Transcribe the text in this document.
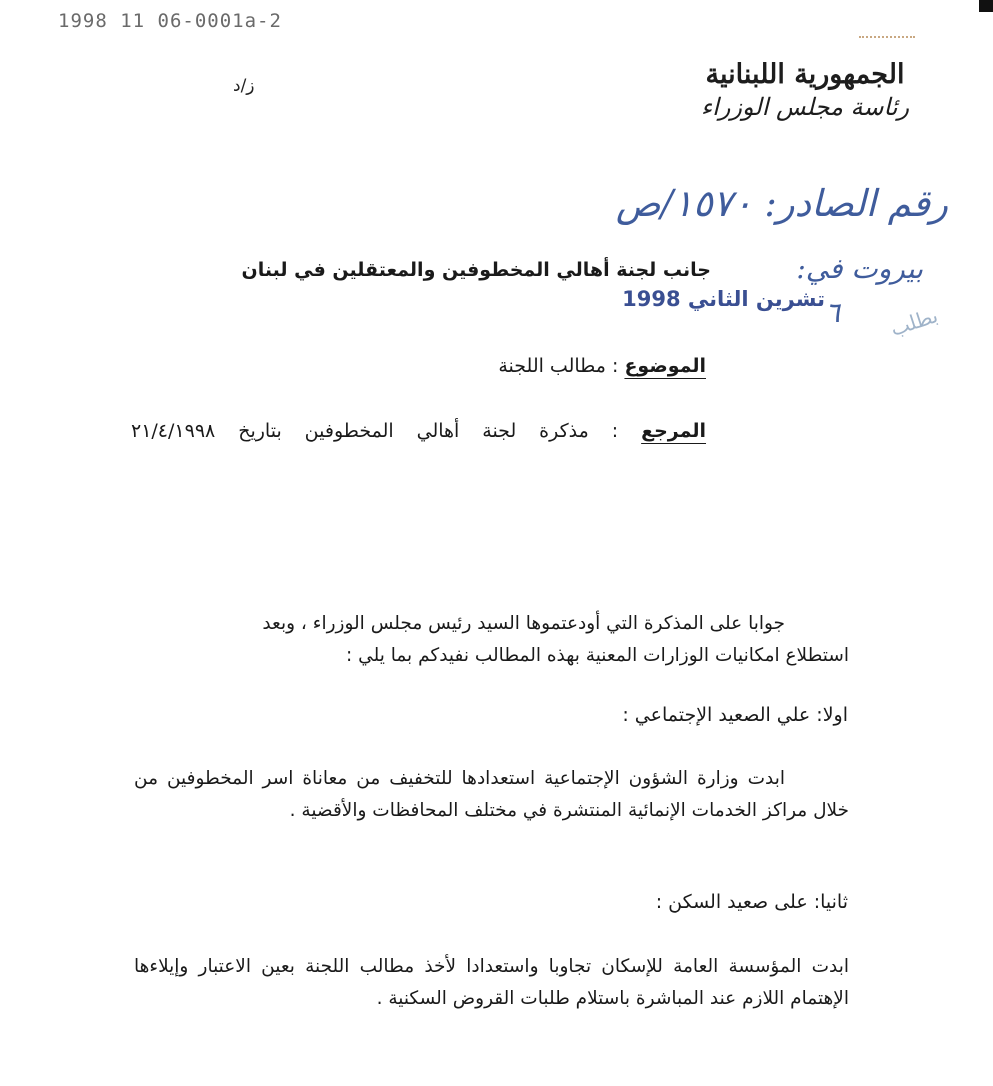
1998 11 06-0001a-2
ز/د	الجمهورية اللبنانية
رئاسة مجلس الوزراء
رقم الصادر: ١٥٧٠/ص
بيروت في:
تشرين الثاني 1998 ٦ بطلب
جانب لجنة أهالي المخطوفين والمعتقلين في لبنان
الموضوع : مطالب اللجنة
المرجع : مذكرة لجنة أهالي المخطوفين بتاريخ ٢١/٤/١٩٩٨
جوابا على المذكرة التي أودعتموها السيد رئيس مجلس الوزراء ، وبعد
استطلاع امكانيات الوزارات المعنية بهذه المطالب نفيدكم بما يلي :
اولا: علي الصعيد الإجتماعي :
ابدت وزارة الشؤون الإجتماعية استعدادها للتخفيف من معاناة اسر المخطوفين من خلال مراكز الخدمات الإنمائية المنتشرة في مختلف المحافظات والأقضية .
ثانيا: على صعيد السكن :
ابدت المؤسسة العامة للإسكان تجاوبا واستعدادا لأخذ مطالب اللجنة بعين الاعتبار وإيلاءها الإهتمام اللازم عند المباشرة باستلام طلبات القروض السكنية .
